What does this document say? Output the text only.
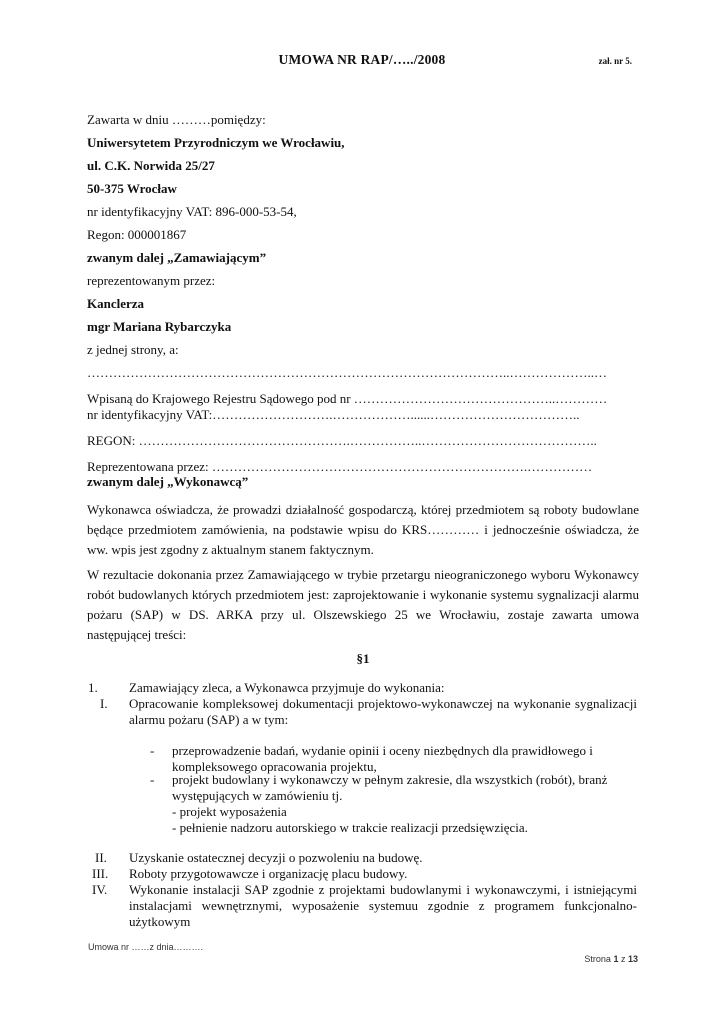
UMOWA NR RAP/…../2008	zał. nr 5.
Zawarta w dniu ………pomiędzy:
Uniwersytetem Przyrodniczym we Wrocławiu,
ul. C.K. Norwida 25/27
50-375 Wrocław
nr identyfikacyjny VAT: 896-000-53-54,
Regon: 000001867
zwanym dalej „Zamawiającym”
reprezentowanym przez:
Kanclerza
mgr Mariana Rybarczyka
z jednej strony, a:
……………………………………………………………………………………..………………..…
Wpisaną do Krajowego Rejestru Sądowego pod nr ………………………………………..…………
nr identyfikacyjny VAT:……………………….………………......……………………………..
REGON: ………………………………………….……………..…………………………………..
Reprezentowana przez: ……………………………………………………………….……………
zwanym dalej „Wykonawcą”
Wykonawca oświadcza, że prowadzi działalność gospodarczą, której przedmiotem są roboty budowlane będące przedmiotem zamówienia, na podstawie wpisu do KRS………… i jednocześnie oświadcza, że ww. wpis jest zgodny z aktualnym stanem faktycznym.
W rezultacie dokonania przez Zamawiającego w trybie przetargu nieograniczonego wyboru Wykonawcy robót budowlanych których przedmiotem jest: zaprojektowanie i wykonanie systemu sygnalizacji alarmu pożaru (SAP) w DS. ARKA przy ul. Olszewskiego 25 we Wrocławiu, zostaje zawarta umowa następującej treści:
§1
1. Zamawiający zleca, a Wykonawca przyjmuje do wykonania:
I. Opracowanie kompleksowej dokumentacji projektowo-wykonawczej na wykonanie sygnalizacji alarmu pożaru (SAP) a w tym:
- przeprowadzenie badań, wydanie opinii i oceny niezbędnych dla prawidłowego i kompleksowego opracowania projektu,
- projekt budowlany i wykonawczy w pełnym zakresie, dla wszystkich (robót), branż występujących w zamówieniu tj.
- projekt wyposażenia
- pełnienie nadzoru autorskiego w trakcie realizacji przedsięwzięcia.
II. Uzyskanie ostatecznej decyzji o pozwoleniu na budowę.
III. Roboty przygotowawcze i organizację placu budowy.
IV. Wykonanie instalacji SAP zgodnie z projektami budowlanymi i wykonawczymi, i istniejącymi instalacjami wewnętrznymi, wyposażenie systemuu zgodnie z programem funkcjonalno-użytkowym
Umowa nr ……z dnia……….
Strona 1 z 13
